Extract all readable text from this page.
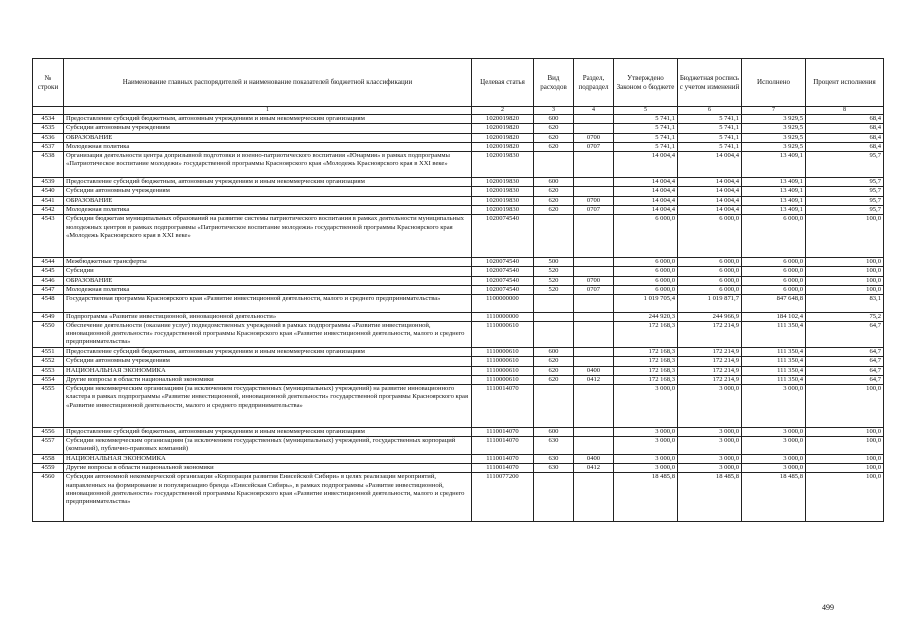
№ строки	Наименование главных распорядителей и наименование показателей бюджетной классификации	Целевая статья	Вид расходов	Раздел, подраздел	Утверждено Законом о бюджете	Бюджетная роспись с учетом изменений	Исполнено	Процент исполнения
	1	2	3	4	5	6	7	8
4534	Предоставление субсидий бюджетным, автономным учреждениям и иным некоммерческим организациям	1020019820	600		5 741,1	5 741,1	3 929,5	68,4
4535	Субсидии автономным учреждениям	1020019820	620		5 741,1	5 741,1	3 929,5	68,4
4536	ОБРАЗОВАНИЕ	1020019820	620	0700	5 741,1	5 741,1	3 929,5	68,4
4537	Молодежная политика	1020019820	620	0707	5 741,1	5 741,1	3 929,5	68,4
4538	Организация деятельности центра допризывной подготовки и военно-патриотического воспитания «Юнармия» в рамках подпрограммы «Патриотическое воспитание молодежи» государственной программы Красноярского края «Молодежь Красноярского края в XXI веке»	1020019830			14 004,4	14 004,4	13 409,1	95,7
4539	Предоставление субсидий бюджетным, автономным учреждениям и иным некоммерческим организациям	1020019830	600		14 004,4	14 004,4	13 409,1	95,7
4540	Субсидии автономным учреждениям	1020019830	620		14 004,4	14 004,4	13 409,1	95,7
4541	ОБРАЗОВАНИЕ	1020019830	620	0700	14 004,4	14 004,4	13 409,1	95,7
4542	Молодежная политика	1020019830	620	0707	14 004,4	14 004,4	13 409,1	95,7
4543	Субсидии бюджетам муниципальных образований на развитие системы патриотического воспитания в рамках деятельности муниципальных молодежных центров в рамках подпрограммы «Патриотическое воспитание молодежи» государственной программы Красноярского края «Молодежь Красноярского края в XXI веке»	1020074540			6 000,0	6 000,0	6 000,0	100,0
4544	Межбюджетные трансферты	1020074540	500		6 000,0	6 000,0	6 000,0	100,0
4545	Субсидии	1020074540	520		6 000,0	6 000,0	6 000,0	100,0
4546	ОБРАЗОВАНИЕ	1020074540	520	0700	6 000,0	6 000,0	6 000,0	100,0
4547	Молодежная политика	1020074540	520	0707	6 000,0	6 000,0	6 000,0	100,0
4548	Государственная программа Красноярского края «Развитие инвестиционной деятельности, малого и среднего предпринимательства»	1100000000			1 019 705,4	1 019 871,7	847 648,8	83,1
4549	Подпрограмма «Развитие инвестиционной, инновационной деятельности»	1110000000			244 920,3	244 966,9	184 102,4	75,2
4550	Обеспечение деятельности (оказание услуг) подведомственных учреждений в рамках подпрограммы «Развитие инвестиционной, инновационной деятельности» государственной программы Красноярского края «Развитие инвестиционной деятельности, малого и среднего предпринимательства»	1110000610			172 168,3	172 214,9	111 350,4	64,7
4551	Предоставление субсидий бюджетным, автономным учреждениям и иным некоммерческим организациям	1110000610	600		172 168,3	172 214,9	111 350,4	64,7
4552	Субсидии автономным учреждениям	1110000610	620		172 168,3	172 214,9	111 350,4	64,7
4553	НАЦИОНАЛЬНАЯ ЭКОНОМИКА	1110000610	620	0400	172 168,3	172 214,9	111 350,4	64,7
4554	Другие вопросы в области национальной экономики	1110000610	620	0412	172 168,3	172 214,9	111 350,4	64,7
4555	Субсидии некоммерческим организациям (за исключением государственных (муниципальных) учреждений) на развитие инновационного кластера в рамках подпрограммы «Развитие инвестиционной, инновационной деятельности» государственной программы Красноярского края «Развитие инвестиционной деятельности, малого и среднего предпринимательства»	1110014070			3 000,0	3 000,0	3 000,0	100,0
4556	Предоставление субсидий бюджетным, автономным учреждениям и иным некоммерческим организациям	1110014070	600		3 000,0	3 000,0	3 000,0	100,0
4557	Субсидии некоммерческим организациям (за исключением государственных (муниципальных) учреждений, государственных корпораций (компаний), публично-правовых компаний)	1110014070	630		3 000,0	3 000,0	3 000,0	100,0
4558	НАЦИОНАЛЬНАЯ ЭКОНОМИКА	1110014070	630	0400	3 000,0	3 000,0	3 000,0	100,0
4559	Другие вопросы в области национальной экономики	1110014070	630	0412	3 000,0	3 000,0	3 000,0	100,0
4560	Субсидия автономной некоммерческой организации «Корпорация развития Енисейской Сибири» в целях реализации мероприятий, направленных на формирование и популяризацию бренда «Енисейская Сибирь», в рамках подпрограммы «Развитие инвестиционной, инновационной деятельности» государственной программы Красноярского края «Развитие инвестиционной деятельности, малого и среднего предпринимательства»	1110077200			18 485,8	18 485,8	18 485,8	100,0
499
